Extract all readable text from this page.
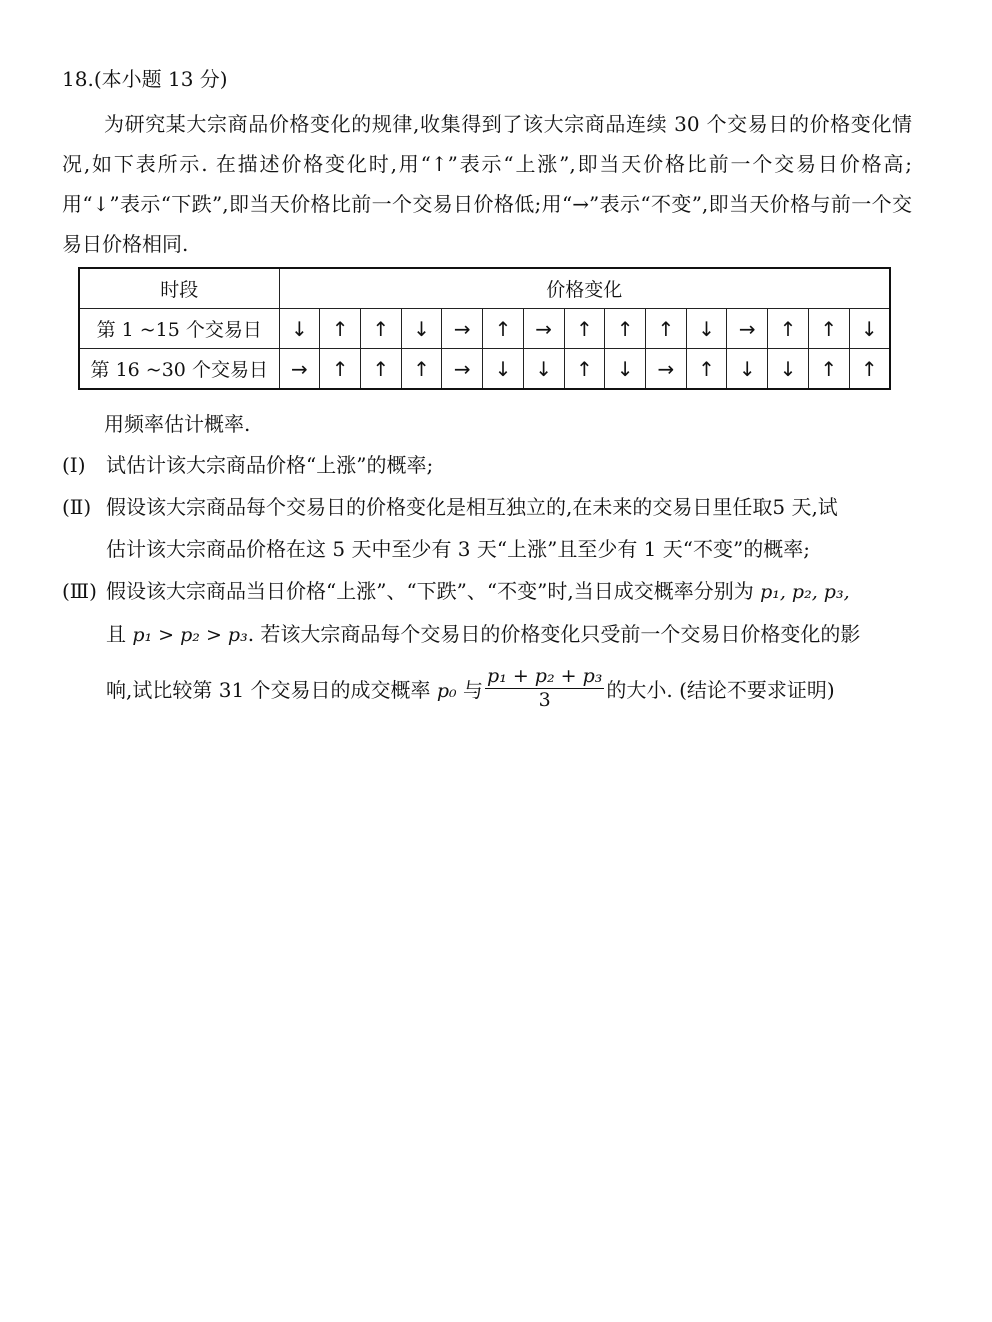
18.(本小题 13 分)
为研究某大宗商品价格变化的规律,收集得到了该大宗商品连续 30 个交易日的价格变化情况,如下表所示. 在描述价格变化时,用“↑”表示“上涨”,即当天价格比前一个交易日价格高;用“↓”表示“下跌”,即当天价格比前一个交易日价格低;用“→”表示“不变”,即当天价格与前一个交易日价格相同.
时段	价格变化														
第 1 ~15 个交易日	↓	↑	↑	↓	→	↑	→	↑	↑	↑	↓	→	↑	↑	↓
第 16 ~30 个交易日	→	↑	↑	↑	→	↓	↓	↑	↓	→	↑	↓	↓	↑	↑
用频率估计概率.
(Ⅰ) 试估计该大宗商品价格“上涨”的概率;
(Ⅱ) 假设该大宗商品每个交易日的价格变化是相互独立的,在未来的交易日里任取5 天,试
估计该大宗商品价格在这 5 天中至少有 3 天“上涨”且至少有 1 天“不变”的概率;
(Ⅲ) 假设该大宗商品当日价格“上涨”、“下跌”、“不变”时,当日成交概率分别为 p₁, p₂, p₃,
且 p₁ > p₂ > p₃. 若该大宗商品每个交易日的价格变化只受前一个交易日价格变化的影
响,试比较第 31 个交易日的成交概率 p₀ 与 $\frac{\text{p₁ + p₂ + p₃}}{3}$ 的大小. (结论不要求证明)
